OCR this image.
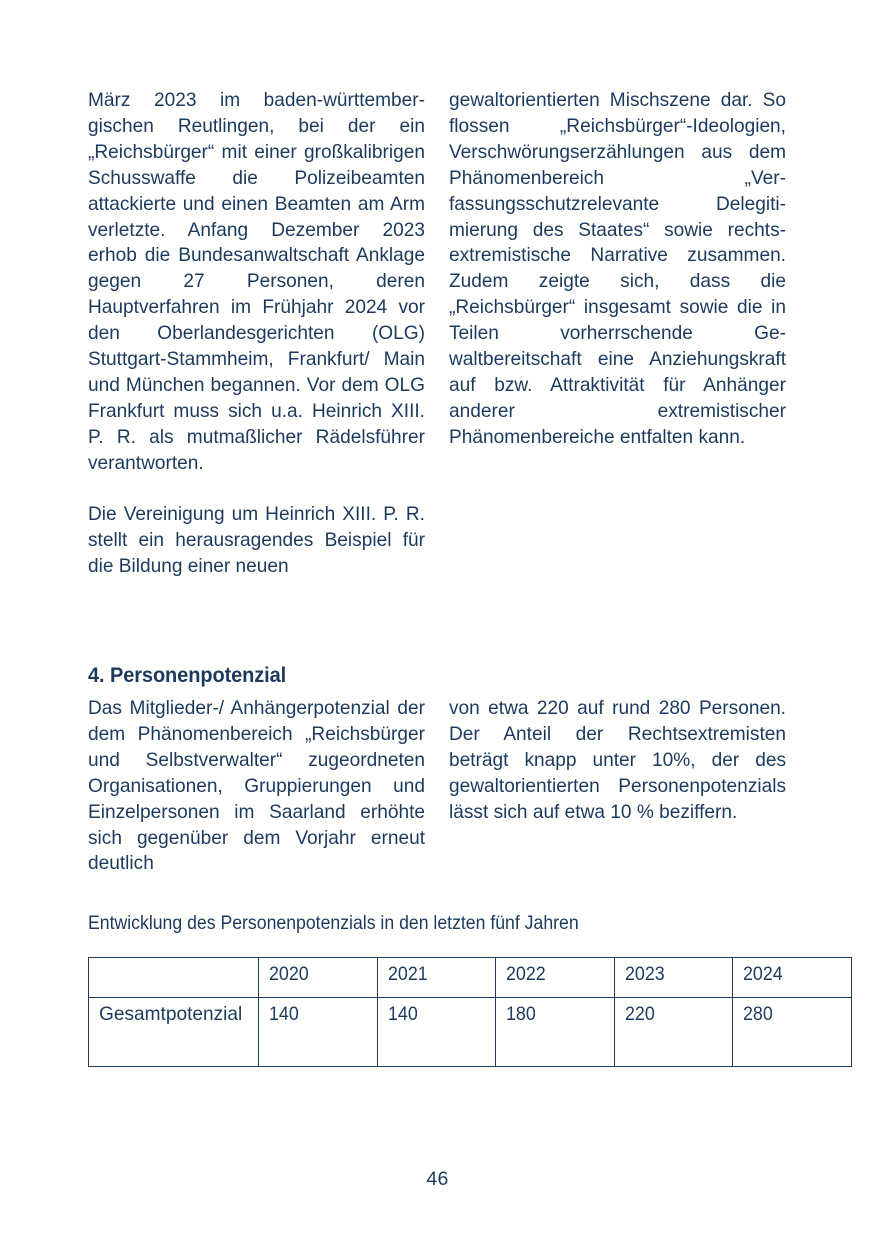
März 2023 im baden-württembergischen Reutlingen, bei der ein „Reichsbürger“ mit einer großkalibrigen Schusswaffe die Polizeibeamten attackierte und einen Beamten am Arm verletzte. Anfang Dezember 2023 erhob die Bundesanwaltschaft Anklage gegen 27 Personen, deren Hauptverfahren im Frühjahr 2024 vor den Oberlandesgerichten (OLG) Stuttgart-Stammheim, Frankfurt/ Main und München begannen. Vor dem OLG Frankfurt muss sich u.a. Heinrich XIII. P. R. als mutmaßlicher Rädelsführer verantworten.

Die Vereinigung um Heinrich XIII. P. R. stellt ein herausragendes Beispiel für die Bildung einer neuen

gewaltorientierten Mischszene dar. So flossen „Reichsbürger“-Ideologien, Verschwörungserzählungen aus dem Phänomenbereich „Verfassungsschutzrelevante Delegitimierung des Staates“ sowie rechtsextremistische Narrative zusammen. Zudem zeigte sich, dass die „Reichsbürger“ insgesamt sowie die in Teilen vorherrschende Gewaltbereitschaft eine Anziehungskraft auf bzw. Attraktivität für Anhänger anderer extremistischer Phänomenbereiche entfalten kann.

4. Personenpotenzial

Das Mitglieder-/ Anhängerpotenzial der dem Phänomenbereich „Reichsbürger und Selbstverwalter“ zugeordneten Organisationen, Gruppierungen und Einzelpersonen im Saarland erhöhte sich gegenüber dem Vorjahr erneut deutlich

von etwa 220 auf rund 280 Personen. Der Anteil der Rechtsextremisten beträgt knapp unter 10%, der des gewaltorientierten Personenpotenzials lässt sich auf etwa 10 % beziffern.

Entwicklung des Personenpotenzials in den letzten fünf Jahren
	2020	2021	2022	2023	2024

Gesamtpotenzial	140	140	180	220	280
46
